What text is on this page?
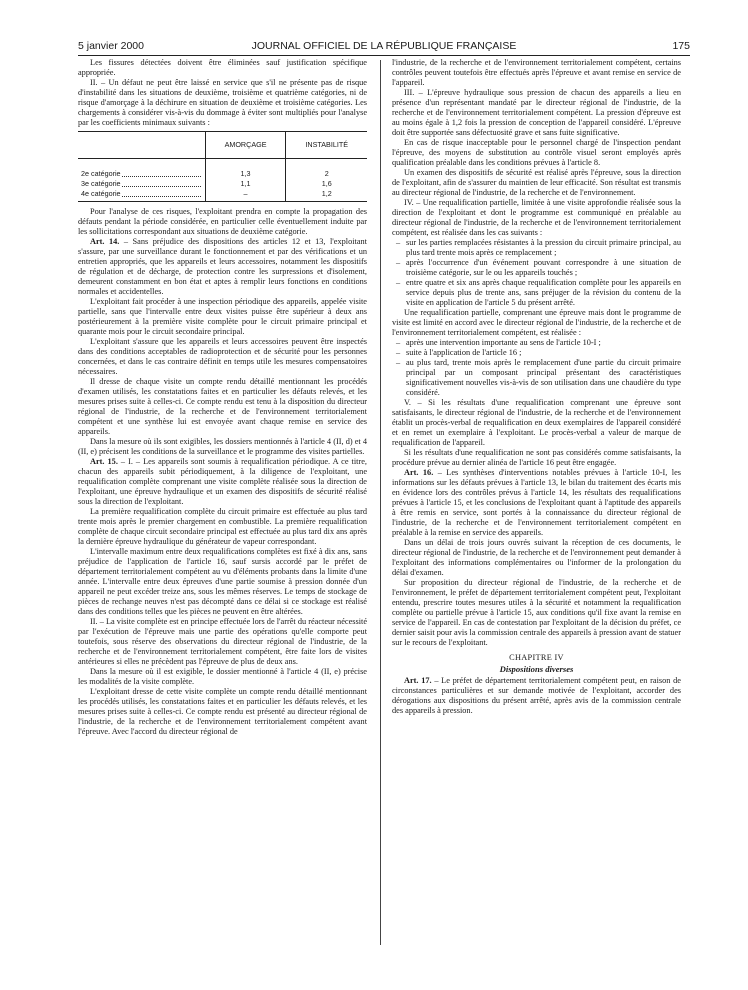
5 janvier 2000	JOURNAL OFFICIEL DE LA RÉPUBLIQUE FRANÇAISE	175

Les fissures détectées doivent être éliminées sauf justification spécifique appropriée.

II. – Un défaut ne peut être laissé en service que s'il ne présente pas de risque d'instabilité dans les situations de deuxième, troisième et quatrième catégories, ni de risque d'amorçage à la déchirure en situation de deuxième et troisième catégories. Les chargements à considérer vis-à-vis du dommage à éviter sont multipliés pour l'analyse par les coefficients minimaux suivants :

	AMORÇAGE	INSTABILITÉ

2e catégorie	1,3	2

3e catégorie	1,1	1,6

4e catégorie	–	1,2

Pour l'analyse de ces risques, l'exploitant prendra en compte la propagation des défauts pendant la période considérée, en particulier celle éventuellement induite par les sollicitations correspondant aux situations de deuxième catégorie.

Art. 14. – Sans préjudice des dispositions des articles 12 et 13, l'exploitant s'assure, par une surveillance durant le fonctionnement et par des vérifications et un entretien appropriés, que les appareils et leurs accessoires, notamment les dispositifs de régulation et de décharge, de protection contre les surpressions et d'isolement, demeurent constamment en bon état et aptes à remplir leurs fonctions en conditions normales et accidentelles.

L'exploitant fait procéder à une inspection périodique des appareils, appelée visite partielle, sans que l'intervalle entre deux visites puisse être supérieur à deux ans postérieurement à la première visite complète pour le circuit primaire principal et quarante mois pour le circuit secondaire principal.

L'exploitant s'assure que les appareils et leurs accessoires peuvent être inspectés dans des conditions acceptables de radioprotection et de sécurité pour les personnes concernées, et dans le cas contraire définit en temps utile les mesures compensatoires nécessaires.

Il dresse de chaque visite un compte rendu détaillé mentionnant les procédés d'examen utilisés, les constatations faites et en particulier les défauts relevés, et les mesures prises suite à celles-ci. Ce compte rendu est tenu à la disposition du directeur régional de l'industrie, de la recherche et de l'environnement territorialement compétent et une synthèse lui est envoyée avant chaque remise en service des appareils.

Dans la mesure où ils sont exigibles, les dossiers mentionnés à l'article 4 (II, d) et 4 (II, e) précisent les conditions de la surveillance et le programme des visites partielles.

Art. 15. – I. – Les appareils sont soumis à requalification périodique. A ce titre, chacun des appareils subit périodiquement, à la diligence de l'exploitant, une requalification complète comprenant une visite complète réalisée sous la direction de l'exploitant, une épreuve hydraulique et un examen des dispositifs de sécurité réalisé sous la direction de l'exploitant.

La première requalification complète du circuit primaire est effectuée au plus tard trente mois après le premier chargement en combustible. La première requalification complète de chaque circuit secondaire principal est effectuée au plus tard dix ans après la dernière épreuve hydraulique du générateur de vapeur correspondant.

L'intervalle maximum entre deux requalifications complètes est fixé à dix ans, sans préjudice de l'application de l'article 16, sauf sursis accordé par le préfet de département territorialement compétent au vu d'éléments probants dans la limite d'une année. L'intervalle entre deux épreuves d'une partie soumise à pression donnée d'un appareil ne peut excéder treize ans, sous les mêmes réserves. Le temps de stockage de pièces de rechange neuves n'est pas décompté dans ce délai si ce stockage est réalisé dans des conditions telles que les pièces ne peuvent en être altérées.

II. – La visite complète est en principe effectuée lors de l'arrêt du réacteur nécessité par l'exécution de l'épreuve mais une partie des opérations qu'elle comporte peut toutefois, sous réserve des observations du directeur régional de l'industrie, de la recherche et de l'environnement territorialement compétent, être faite lors de visites antérieures si elles ne précèdent pas l'épreuve de plus de deux ans.

Dans la mesure où il est exigible, le dossier mentionné à l'article 4 (II, e) précise les modalités de la visite complète.

L'exploitant dresse de cette visite complète un compte rendu détaillé mentionnant les procédés utilisés, les constatations faites et en particulier les défauts relevés, et les mesures prises suite à celles-ci. Ce compte rendu est présenté au directeur régional de l'industrie, de la recherche et de l'environnement territorialement compétent avant l'épreuve. Avec l'accord du directeur régional de

l'industrie, de la recherche et de l'environnement territorialement compétent, certains contrôles peuvent toutefois être effectués après l'épreuve et avant remise en service de l'appareil.

III. – L'épreuve hydraulique sous pression de chacun des appareils a lieu en présence d'un représentant mandaté par le directeur régional de l'industrie, de la recherche et de l'environnement territorialement compétent. La pression d'épreuve est au moins égale à 1,2 fois la pression de conception de l'appareil considéré. L'épreuve doit être supportée sans défectuosité grave et sans fuite significative.

En cas de risque inacceptable pour le personnel chargé de l'inspection pendant l'épreuve, des moyens de substitution au contrôle visuel seront employés après qualification préalable dans les conditions prévues à l'article 8.

Un examen des dispositifs de sécurité est réalisé après l'épreuve, sous la direction de l'exploitant, afin de s'assurer du maintien de leur efficacité. Son résultat est transmis au directeur régional de l'industrie, de la recherche et de l'environnement.

IV. – Une requalification partielle, limitée à une visite approfondie réalisée sous la direction de l'exploitant et dont le programme est communiqué en préalable au directeur régional de l'industrie, de la recherche et de l'environnement territorialement compétent, est réalisée dans les cas suivants :

– sur les parties remplacées résistantes à la pression du circuit primaire principal, au plus tard trente mois après ce remplacement ;
– après l'occurrence d'un événement pouvant correspondre à une situation de troisième catégorie, sur le ou les appareils touchés ;
– entre quatre et six ans après chaque requalification complète pour les appareils en service depuis plus de trente ans, sans préjuger de la révision du contenu de la visite en application de l'article 5 du présent arrêté.

Une requalification partielle, comprenant une épreuve mais dont le programme de visite est limité en accord avec le directeur régional de l'industrie, de la recherche et de l'environnement territorialement compétent, est réalisée :

– après une intervention importante au sens de l'article 10-I ;
– suite à l'application de l'article 16 ;
– au plus tard, trente mois après le remplacement d'une partie du circuit primaire principal par un composant principal présentant des caractéristiques significativement nouvelles vis-à-vis de son utilisation dans une chaudière du type considéré.

V. – Si les résultats d'une requalification comprenant une épreuve sont satisfaisants, le directeur régional de l'industrie, de la recherche et de l'environnement établit un procès-verbal de requalification en deux exemplaires de l'appareil considéré et en remet un exemplaire à l'exploitant. Le procès-verbal a valeur de marque de requalification de l'appareil.

Si les résultats d'une requalification ne sont pas considérés comme satisfaisants, la procédure prévue au dernier alinéa de l'article 16 peut être engagée.

Art. 16. – Les synthèses d'interventions notables prévues à l'article 10-I, les informations sur les défauts prévues à l'article 13, le bilan du traitement des écarts mis en évidence lors des contrôles prévus à l'article 14, les résultats des requalifications prévues à l'article 15, et les conclusions de l'exploitant quant à l'aptitude des appareils à être remis en service, sont portés à la connaissance du directeur régional de l'industrie, de la recherche et de l'environnement territorialement compétent en préalable à la remise en service des appareils.

Dans un délai de trois jours ouvrés suivant la réception de ces documents, le directeur régional de l'industrie, de la recherche et de l'environnement peut demander à l'exploitant des informations complémentaires ou l'informer de la prolongation du délai d'examen.

Sur proposition du directeur régional de l'industrie, de la recherche et de l'environnement, le préfet de département territorialement compétent peut, l'exploitant entendu, prescrire toutes mesures utiles à la sécurité et notamment la requalification complète ou partielle prévue à l'article 15, aux conditions qu'il fixe avant la remise en service de l'appareil. En cas de contestation par l'exploitant de la décision du préfet, ce dernier saisit pour avis la commission centrale des appareils à pression avant de statuer sur le recours de l'exploitant.

CHAPITRE IV
Dispositions diverses

Art. 17. – Le préfet de département territorialement compétent peut, en raison de circonstances particulières et sur demande motivée de l'exploitant, accorder des dérogations aux dispositions du présent arrêté, après avis de la commission centrale des appareils à pression.
